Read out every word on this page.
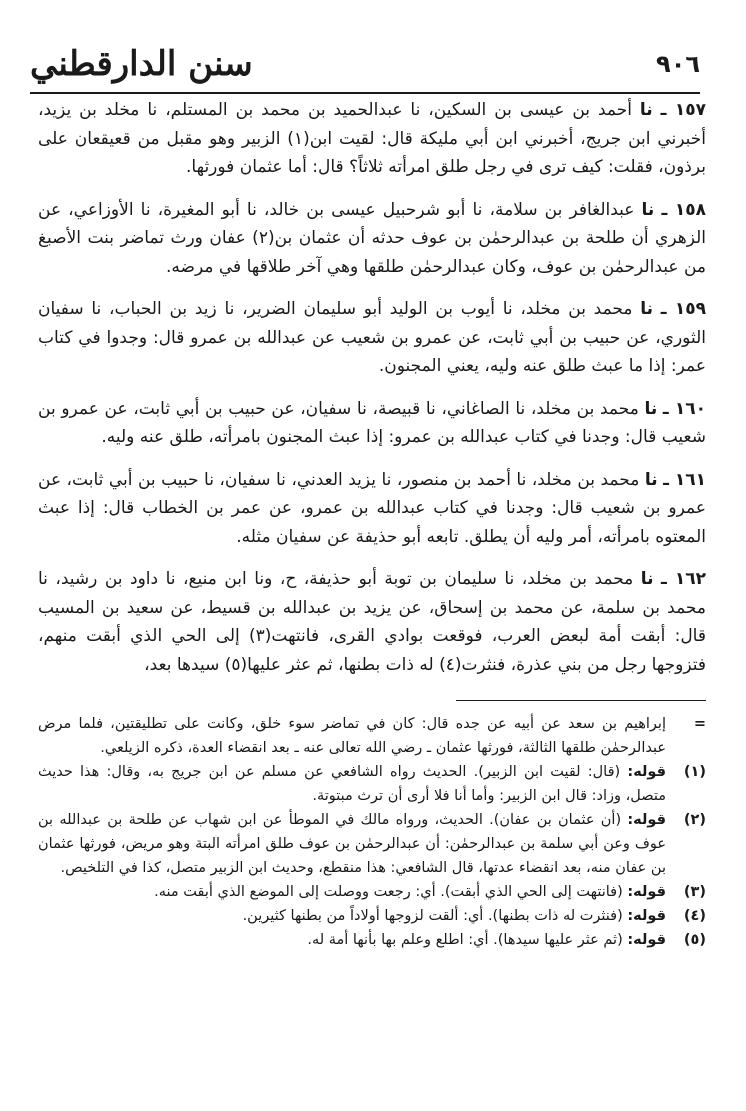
٩٠٦
سنن الدارقطني

١٥٧ ـ نا أحمد بن عيسى بن السكين، نا عبدالحميد بن محمد بن المستلم، نا مخلد بن يزيد، أخبرني ابن جريج، أخبرني ابن أبي مليكة قال: لقيت ابن(١) الزبير وهو مقبل من قعيقعان على برذون، فقلت: كيف ترى في رجل طلق امرأته ثلاثاً؟ قال: أما عثمان فورثها.

١٥٨ ـ نا عبدالغافر بن سلامة، نا أبو شرحبيل عيسى بن خالد، نا أبو المغيرة، نا الأوزاعي، عن الزهري أن طلحة بن عبدالرحمٰن بن عوف حدثه أن عثمان بن(٢) عفان ورث تماضر بنت الأصبغ من عبدالرحمٰن بن عوف، وكان عبدالرحمٰن طلقها وهي آخر طلاقها في مرضه.

١٥٩ ـ نا محمد بن مخلد، نا أيوب بن الوليد أبو سليمان الضرير، نا زيد بن الحباب، نا سفيان الثوري، عن حبيب بن أبي ثابت، عن عمرو بن شعيب عن عبدالله بن عمرو قال: وجدوا في كتاب عمر: إذا ما عبث طلق عنه وليه، يعني المجنون.

١٦٠ ـ نا محمد بن مخلد، نا الصاغاني، نا قبيصة، نا سفيان، عن حبيب بن أبي ثابت، عن عمرو بن شعيب قال: وجدنا في كتاب عبدالله بن عمرو: إذا عبث المجنون بامرأته، طلق عنه وليه.

١٦١ ـ نا محمد بن مخلد، نا أحمد بن منصور، نا يزيد العدني، نا سفيان، نا حبيب بن أبي ثابت، عن عمرو بن شعيب قال: وجدنا في كتاب عبدالله بن عمرو، عن عمر بن الخطاب قال: إذا عبث المعتوه بامرأته، أمر وليه أن يطلق. تابعه أبو حذيفة عن سفيان مثله.

١٦٢ ـ نا محمد بن مخلد، نا سليمان بن توبة أبو حذيفة، ح، ونا ابن منيع، نا داود بن رشيد، نا محمد بن سلمة، عن محمد بن إسحاق، عن يزيد بن عبدالله بن قسيط، عن سعيد بن المسيب قال: أبقت أمة لبعض العرب، فوقعت بوادي القرى، فانتهت(٣) إلى الحي الذي أبقت منهم، فتزوجها رجل من بني عذرة، فنثرت(٤) له ذات بطنها، ثم عثر عليها(٥) سيدها بعد،

=
إبراهيم بن سعد عن أبيه عن جده قال: كان في تماضر سوء خلق، وكانت على تطليقتين، فلما مرض عبدالرحمٰن طلقها الثالثة، فورثها عثمان ـ رضي الله تعالى عنه ـ بعد انقضاء العدة، ذكره الزيلعي.

(١)
قوله: (قال: لقيت ابن الزبير). الحديث رواه الشافعي عن مسلم عن ابن جريج به، وقال: هذا حديث متصل، وزاد: قال ابن الزبير: وأما أنا فلا أرى أن ترث مبتوتة.

(٢)
قوله: (أن عثمان بن عفان). الحديث، ورواه مالك في الموطأ عن ابن شهاب عن طلحة بن عبدالله بن عوف وعن أبي سلمة بن عبدالرحمٰن: أن عبدالرحمٰن بن عوف طلق امرأته البتة وهو مريض، فورثها عثمان بن عفان منه، بعد انقضاء عدتها، قال الشافعي: هذا منقطع، وحديث ابن الزبير متصل، كذا في التلخيص.

(٣)
قوله: (فانتهت إلى الحي الذي أبقت). أي: رجعت ووصلت إلى الموضع الذي أبقت منه.

(٤)
قوله: (فنثرت له ذات بطنها). أي: ألقت لزوجها أولاداً من بطنها كثيرين.

(٥)
قوله: (ثم عثر عليها سيدها). أي: اطلع وعلم بها بأنها أمة له.
